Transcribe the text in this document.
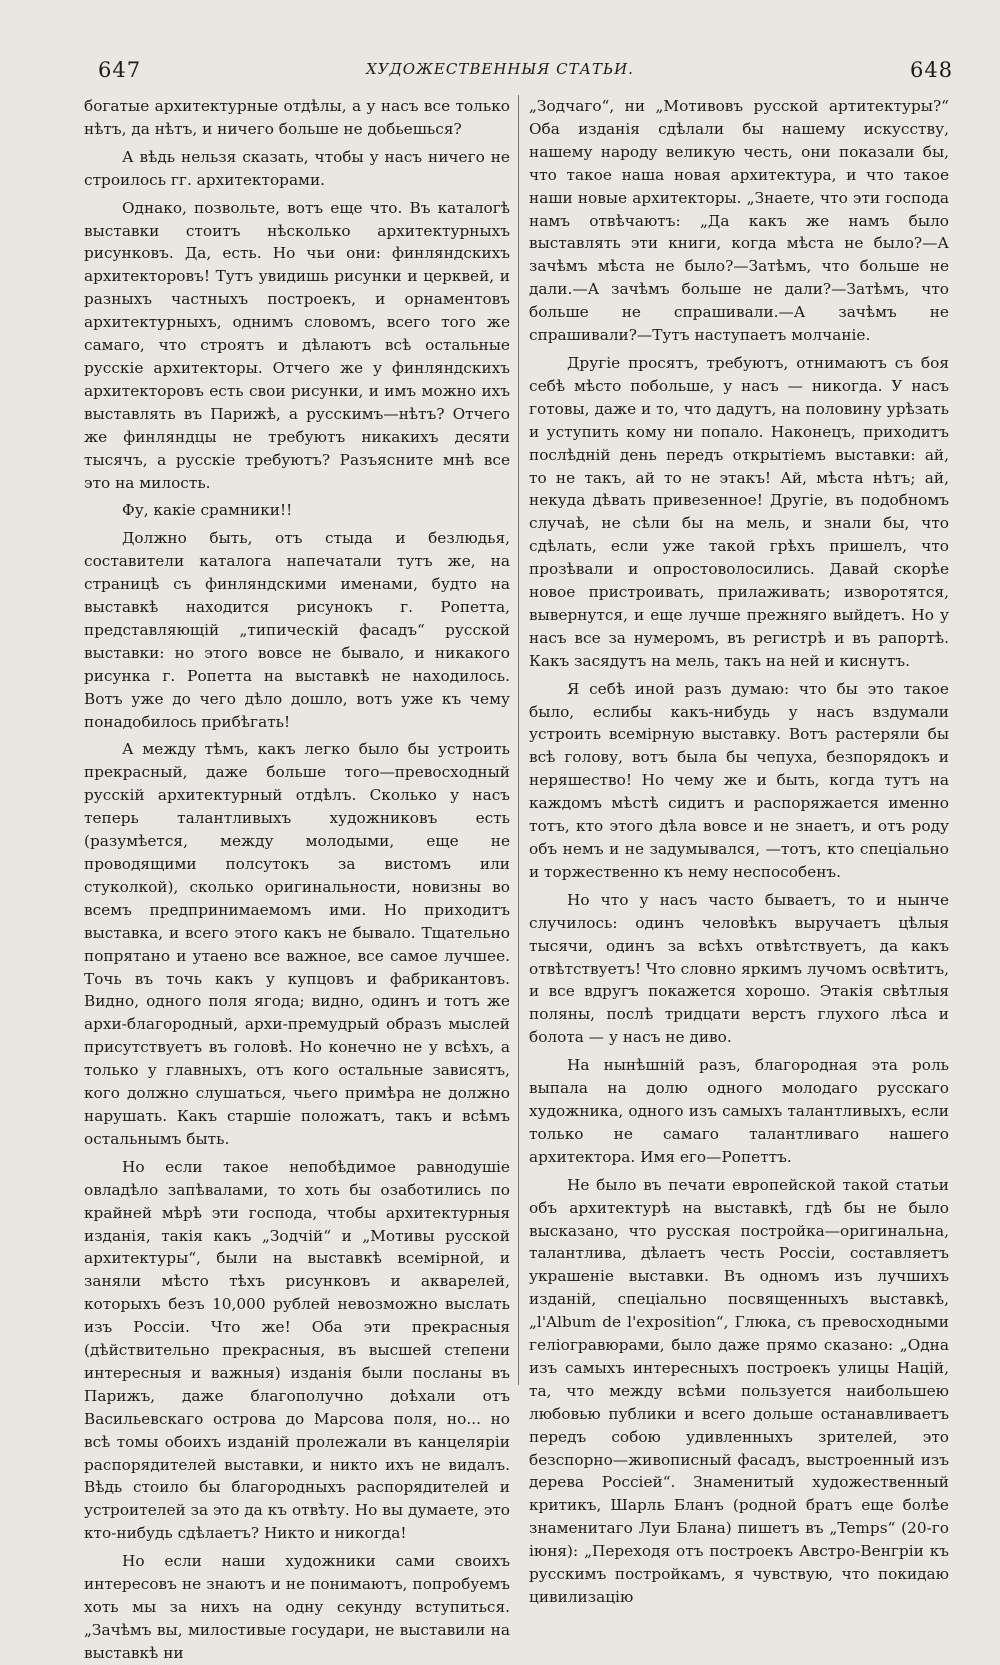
647	ХУДОЖЕСТВЕННЫЯ СТАТЬИ.	648

богатые архитектурные отдѣлы, а у насъ все только нѣтъ, да нѣтъ, и ничего больше не добьешься?

А вѣдь нельзя сказать, чтобы у насъ ничего не строилось гг. архитекторами.

Однако, позвольте, вотъ еще что. Въ каталогѣ выставки стоитъ нѣсколько архитектурныхъ рисунковъ. Да, есть. Но чьи они: финляндскихъ архитекторовъ! Тутъ увидишь рисунки и церквей, и разныхъ частныхъ построекъ, и орнаментовъ архитектурныхъ, однимъ словомъ, всего того же самаго, что строятъ и дѣлаютъ всѣ остальные русскіе архитекторы. Отчего же у финляндскихъ архитекторовъ есть свои рисунки, и имъ можно ихъ выставлять въ Парижѣ, а русскимъ—нѣтъ? Отчего же финляндцы не требуютъ никакихъ десяти тысячъ, а русскіе требуютъ? Разъясните мнѣ все это на милость.

Фу, какіе срамники!!

Должно быть, отъ стыда и безлюдья, составители каталога напечатали тутъ же, на страницѣ съ финляндскими именами, будто на выставкѣ находится рисунокъ г. Ропетта, представляющій „типическій фасадъ“ русской выставки: но этого вовсе не бывало, и никакого рисунка г. Ропетта на выставкѣ не находилось. Вотъ уже до чего дѣло дошло, вотъ уже къ чему понадобилось прибѣгать!

А между тѣмъ, какъ легко было бы устроить прекрасный, даже больше того—превосходный русскій архитектурный отдѣлъ. Сколько у насъ теперь талантливыхъ художниковъ есть (разумѣется, между молодыми, еще не проводящими полсутокъ за вистомъ или стуколкой), сколько оригинальности, новизны во всемъ предпринимаемомъ ими. Но приходитъ выставка, и всего этого какъ не бывало. Тщательно попрятано и утаено все важное, все самое лучшее. Точь въ точь какъ у купцовъ и фабрикантовъ. Видно, одного поля ягода; видно, одинъ и тотъ же архи-благородный, архи-премудрый образъ мыслей присутствуетъ въ головѣ. Но конечно не у всѣхъ, а только у главныхъ, отъ кого остальные зависятъ, кого должно слушаться, чьего примѣра не должно нарушать. Какъ старшіе положатъ, такъ и всѣмъ остальнымъ быть.

Но если такое непобѣдимое равнодушіе овладѣло запѣвалами, то хоть бы озаботились по крайней мѣрѣ эти господа, чтобы архитектурныя изданія, такія какъ „Зодчій“ и „Мотивы русской архитектуры“, были на выставкѣ всемірной, и заняли мѣсто тѣхъ рисунковъ и акварелей, которыхъ безъ 10,000 рублей невозможно выслать изъ Россіи. Что же! Оба эти прекрасныя (дѣйствительно прекрасныя, въ высшей степени интересныя и важныя) изданія были посланы въ Парижъ, даже благополучно доѣхали отъ Васильевскаго острова до Марсова поля, но... но всѣ томы обоихъ изданій пролежали въ канцеляріи распорядителей выставки, и никто ихъ не видалъ. Вѣдь стоило бы благородныхъ распорядителей и устроителей за это да къ отвѣту. Но вы думаете, это кто-нибудь сдѣлаетъ? Никто и никогда!

Но если наши художники сами своихъ интересовъ не знаютъ и не понимаютъ, попробуемъ хоть мы за нихъ на одну секунду вступиться. „Зачѣмъ вы, милостивые государи, не выставили на выставкѣ ни

„Зодчаго“, ни „Мотивовъ русской артитектуры?“ Оба изданія сдѣлали бы нашему искусству, нашему народу великую честь, они показали бы, что такое наша новая архитектура, и что такое наши новые архитекторы. „Знаете, что эти господа намъ отвѣчаютъ: „Да какъ же намъ было выставлять эти книги, когда мѣста не было?—А зачѣмъ мѣста не было?—Затѣмъ, что больше не дали.—А зачѣмъ больше не дали?—Затѣмъ, что больше не спрашивали.—А зачѣмъ не спрашивали?—Тутъ наступаетъ молчаніе.

Другіе просятъ, требуютъ, отнимаютъ съ боя себѣ мѣсто побольше, у насъ — никогда. У насъ готовы, даже и то, что дадутъ, на половину урѣзать и уступить кому ни попало. Наконецъ, приходитъ послѣдній день передъ открытіемъ выставки: ай, то не такъ, ай то не этакъ! Ай, мѣста нѣтъ; ай, некуда дѣвать привезенное! Другіе, въ подобномъ случаѣ, не сѣли бы на мель, и знали бы, что сдѣлать, если уже такой грѣхъ пришелъ, что прозѣвали и опростоволосились. Давай скорѣе новое пристроивать, прилаживать; изворотятся, вывернутся, и еще лучше прежняго выйдетъ. Но у насъ все за нумеромъ, въ регистрѣ и въ рапортѣ. Какъ засядутъ на мель, такъ на ней и киснутъ.

Я себѣ иной разъ думаю: что бы это такое было, еслибы какъ-нибудь у насъ вздумали устроить всемірную выставку. Вотъ растеряли бы всѣ голову, вотъ была бы чепуха, безпорядокъ и неряшество! Но чему же и быть, когда тутъ на каждомъ мѣстѣ сидитъ и распоряжается именно тотъ, кто этого дѣла вовсе и не знаетъ, и отъ роду объ немъ и не задумывался, —тотъ, кто спеціально и торжественно къ нему неспособенъ.

Но что у насъ часто бываетъ, то и нынче случилось: одинъ человѣкъ выручаетъ цѣлыя тысячи, одинъ за всѣхъ отвѣтствуетъ, да какъ отвѣтствуетъ! Что словно яркимъ лучомъ освѣтитъ, и все вдругъ покажется хорошо. Этакія свѣтлыя поляны, послѣ тридцати верстъ глухого лѣса и болота — у насъ не диво.

На нынѣшній разъ, благородная эта роль выпала на долю одного молодаго русскаго художника, одного изъ самыхъ талантливыхъ, если только не самаго талантливаго нашего архитектора. Имя его—Ропеттъ.

Не было въ печати европейской такой статьи объ архитектурѣ на выставкѣ, гдѣ бы не было высказано, что русская постройка—оригинальна, талантлива, дѣлаетъ честь Россіи, составляетъ украшеніе выставки. Въ одномъ изъ лучшихъ изданій, спеціально посвященныхъ выставкѣ, „l'Album de l'exposition“, Глюка, съ превосходными геліогравюрами, было даже прямо сказано: „Одна изъ самыхъ интересныхъ построекъ улицы Націй, та, что между всѣми пользуется наибольшею любовью публики и всего дольше останавливаетъ передъ собою удивленныхъ зрителей, это безспорно—живописный фасадъ, выстроенный изъ дерева Россіей“. Знаменитый художественный критикъ, Шарль Бланъ (родной братъ еще болѣе знаменитаго Луи Блана) пишетъ въ „Temps“ (20-го іюня): „Переходя отъ построекъ Австро-Венгріи къ русскимъ постройкамъ, я чувствую, что покидаю цивилизацію
